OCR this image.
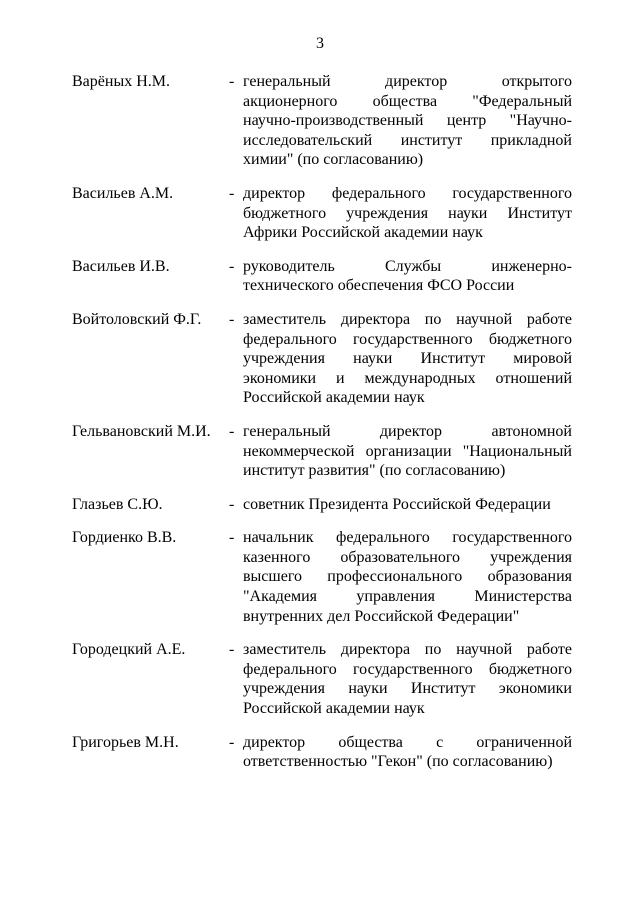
3
Варёных Н.М.	- генеральный директор открытого
акционерного общества "Федеральный
научно-производственный центр "Научно-
исследовательский институт прикладной
химии" (по согласованию)
Васильев А.М.	- директор федерального государственного
бюджетного учреждения науки Институт
Африки Российской академии наук
Васильев И.В.	- руководитель Службы инженерно-
технического обеспечения ФСО России
Войтоловский Ф.Г.	- заместитель директора по научной работе
федерального государственного бюджетного
учреждения науки Институт мировой
экономики и международных отношений
Российской академии наук
Гельвановский М.И.	- генеральный директор автономной
некоммерческой организации "Национальный
институт развития" (по согласованию)
Глазьев С.Ю.	- советник Президента Российской Федерации
Гордиенко В.В.	- начальник федерального государственного
казенного образовательного учреждения
высшего профессионального образования
"Академия управления Министерства
внутренних дел Российской Федерации"
Городецкий А.Е.	- заместитель директора по научной работе
федерального государственного бюджетного
учреждения науки Институт экономики
Российской академии наук
Григорьев М.Н.	- директор общества с ограниченной
ответственностью "Гекон" (по согласованию)
